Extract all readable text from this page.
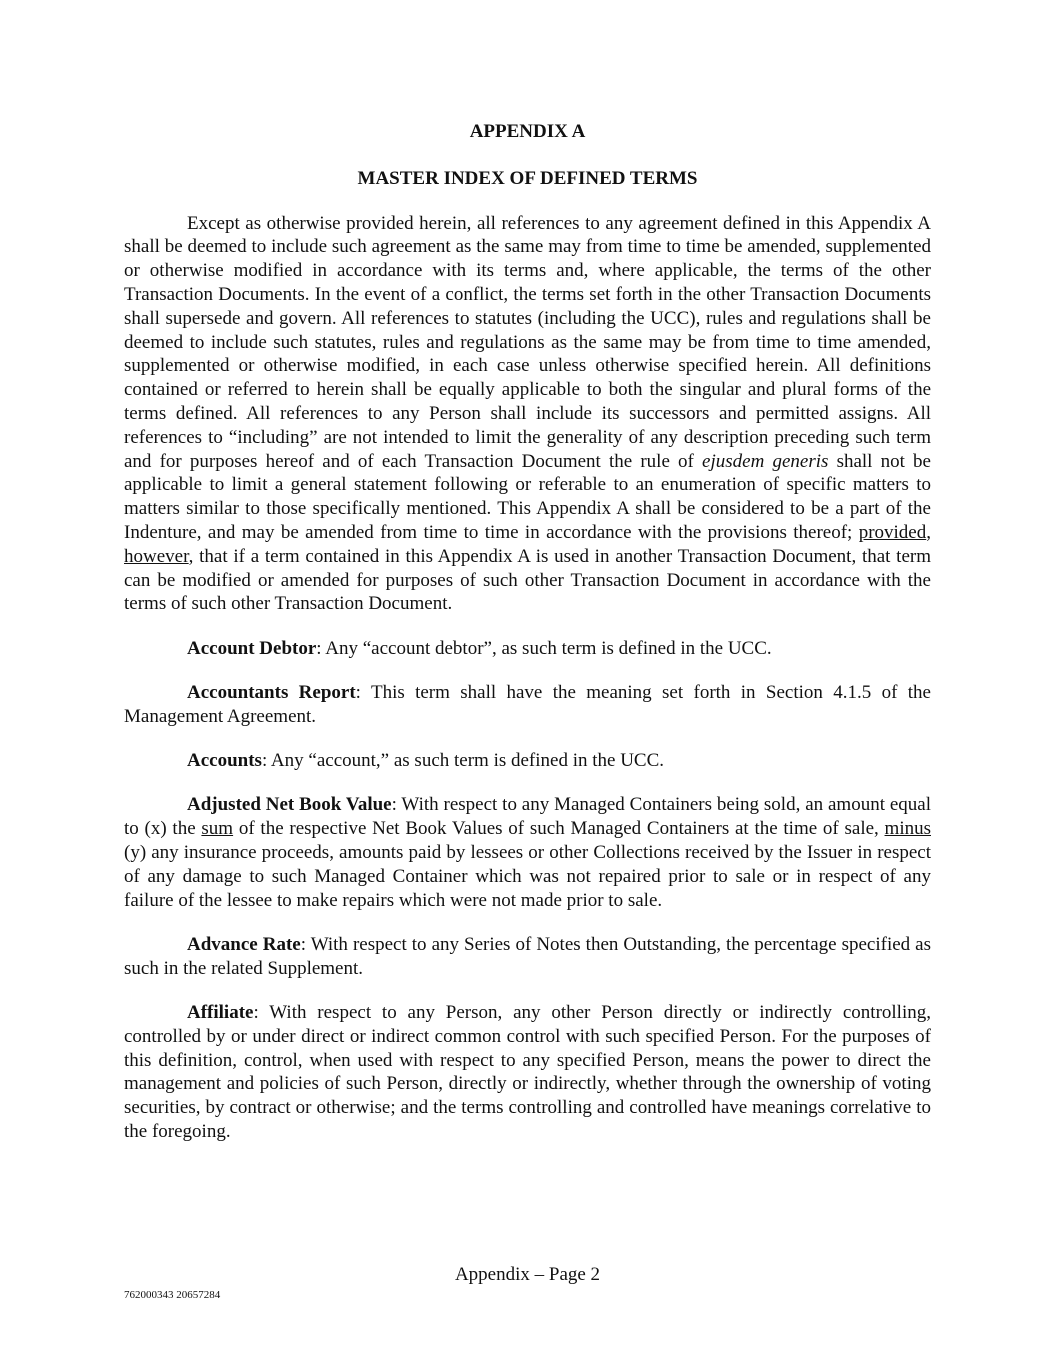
APPENDIX A
MASTER INDEX OF DEFINED TERMS

Except as otherwise provided herein, all references to any agreement defined in this Appendix A shall be deemed to include such agreement as the same may from time to time be amended, supplemented or otherwise modified in accordance with its terms and, where applicable, the terms of the other Transaction Documents. In the event of a conflict, the terms set forth in the other Transaction Documents shall supersede and govern. All references to statutes (including the UCC), rules and regulations shall be deemed to include such statutes, rules and regulations as the same may be from time to time amended, supplemented or otherwise modified, in each case unless otherwise specified herein. All definitions contained or referred to herein shall be equally applicable to both the singular and plural forms of the terms defined. All references to any Person shall include its successors and permitted assigns. All references to “including” are not intended to limit the generality of any description preceding such term and for purposes hereof and of each Transaction Document the rule of ejusdem generis shall not be applicable to limit a general statement following or referable to an enumeration of specific matters to matters similar to those specifically mentioned. This Appendix A shall be considered to be a part of the Indenture, and may be amended from time to time in accordance with the provisions thereof; provided, however, that if a term contained in this Appendix A is used in another Transaction Document, that term can be modified or amended for purposes of such other Transaction Document in accordance with the terms of such other Transaction Document.

Account Debtor: Any “account debtor”, as such term is defined in the UCC.

Accountants Report: This term shall have the meaning set forth in Section 4.1.5 of the Management Agreement.

Accounts: Any “account,” as such term is defined in the UCC.

Adjusted Net Book Value: With respect to any Managed Containers being sold, an amount equal to (x) the sum of the respective Net Book Values of such Managed Containers at the time of sale, minus (y) any insurance proceeds, amounts paid by lessees or other Collections received by the Issuer in respect of any damage to such Managed Container which was not repaired prior to sale or in respect of any failure of the lessee to make repairs which were not made prior to sale.

Advance Rate: With respect to any Series of Notes then Outstanding, the percentage specified as such in the related Supplement.

Affiliate: With respect to any Person, any other Person directly or indirectly controlling, controlled by or under direct or indirect common control with such specified Person. For the purposes of this definition, control, when used with respect to any specified Person, means the power to direct the management and policies of such Person, directly or indirectly, whether through the ownership of voting securities, by contract or otherwise; and the terms controlling and controlled have meanings correlative to the foregoing.

Appendix – Page 2
762000343 20657284
